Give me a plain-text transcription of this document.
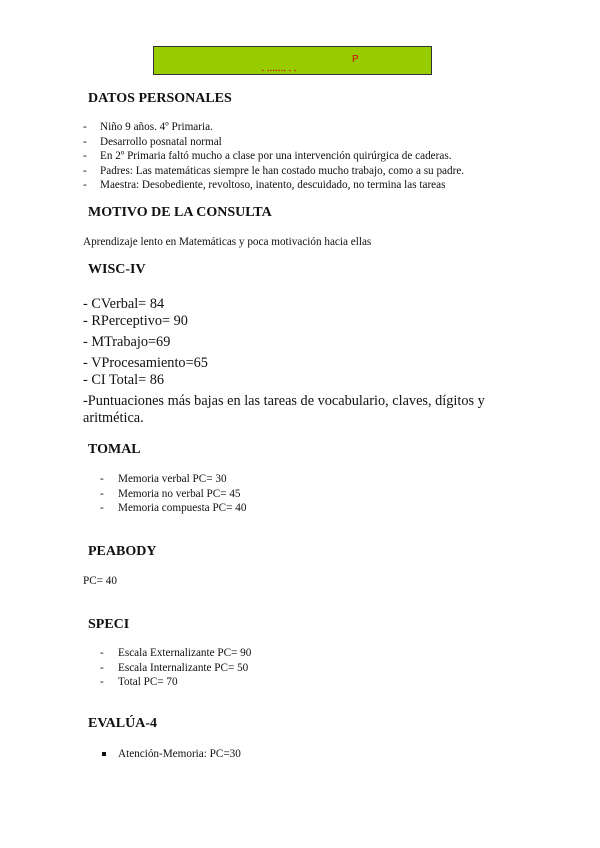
P
▪ ▪▪▪▪▪▪▪ ▪ ▪
DATOS PERSONALES
- Niño 9 años. 4º Primaria.
- Desarrollo posnatal normal
- En 2º Primaria faltó mucho a clase por una intervención quirúrgica de caderas.
- Padres: Las matemáticas siempre le han costado mucho trabajo, como a su padre.
- Maestra: Desobediente, revoltoso, inatento, descuidado, no termina las tareas
MOTIVO DE LA CONSULTA

Aprendizaje lento en Matemáticas y poca motivación hacia ellas

WISC-IV
- CVerbal= 84
- RPerceptivo= 90
- MTrabajo=69
- VProcesamiento=65
- CI Total= 86

-Puntuaciones más bajas en las tareas de vocabulario, claves, dígitos y aritmética.

TOMAL
- Memoria verbal PC= 30
- Memoria no verbal PC= 45
- Memoria compuesta PC= 40
PEABODY

PC= 40

SPECI
- Escala Externalizante PC= 90
- Escala Internalizante PC= 50
- Total PC= 70
EVALÚA-4
Atención-Memoria: PC=30
